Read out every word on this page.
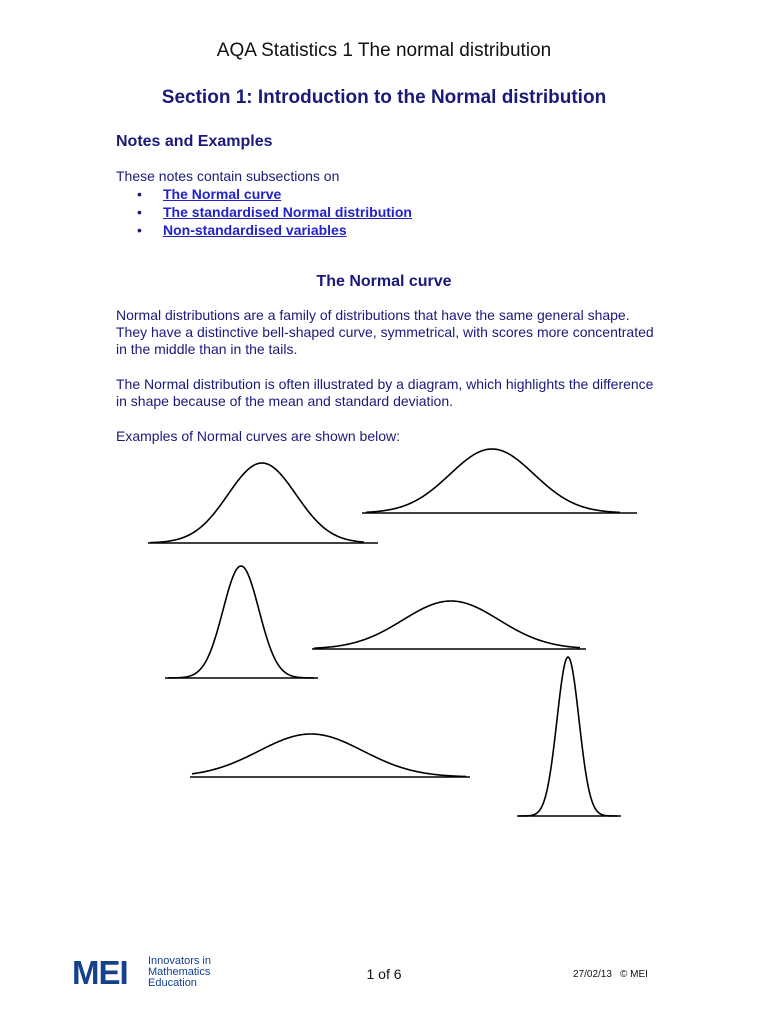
AQA Statistics 1 The normal distribution
Section 1: Introduction to the Normal distribution
Notes and Examples
These notes contain subsections on
• The Normal curve
• The standardised Normal distribution
• Non-standardised variables
The Normal curve

Normal distributions are a family of distributions that have the same general shape. They have a distinctive bell-shaped curve, symmetrical, with scores more concentrated in the middle than in the tails.

The Normal distribution is often illustrated by a diagram, which highlights the difference in shape because of the mean and standard deviation.

Examples of Normal curves are shown below:

MEI Innovators in
Mathematics
Education
1 of 6	27/02/13 © MEI
